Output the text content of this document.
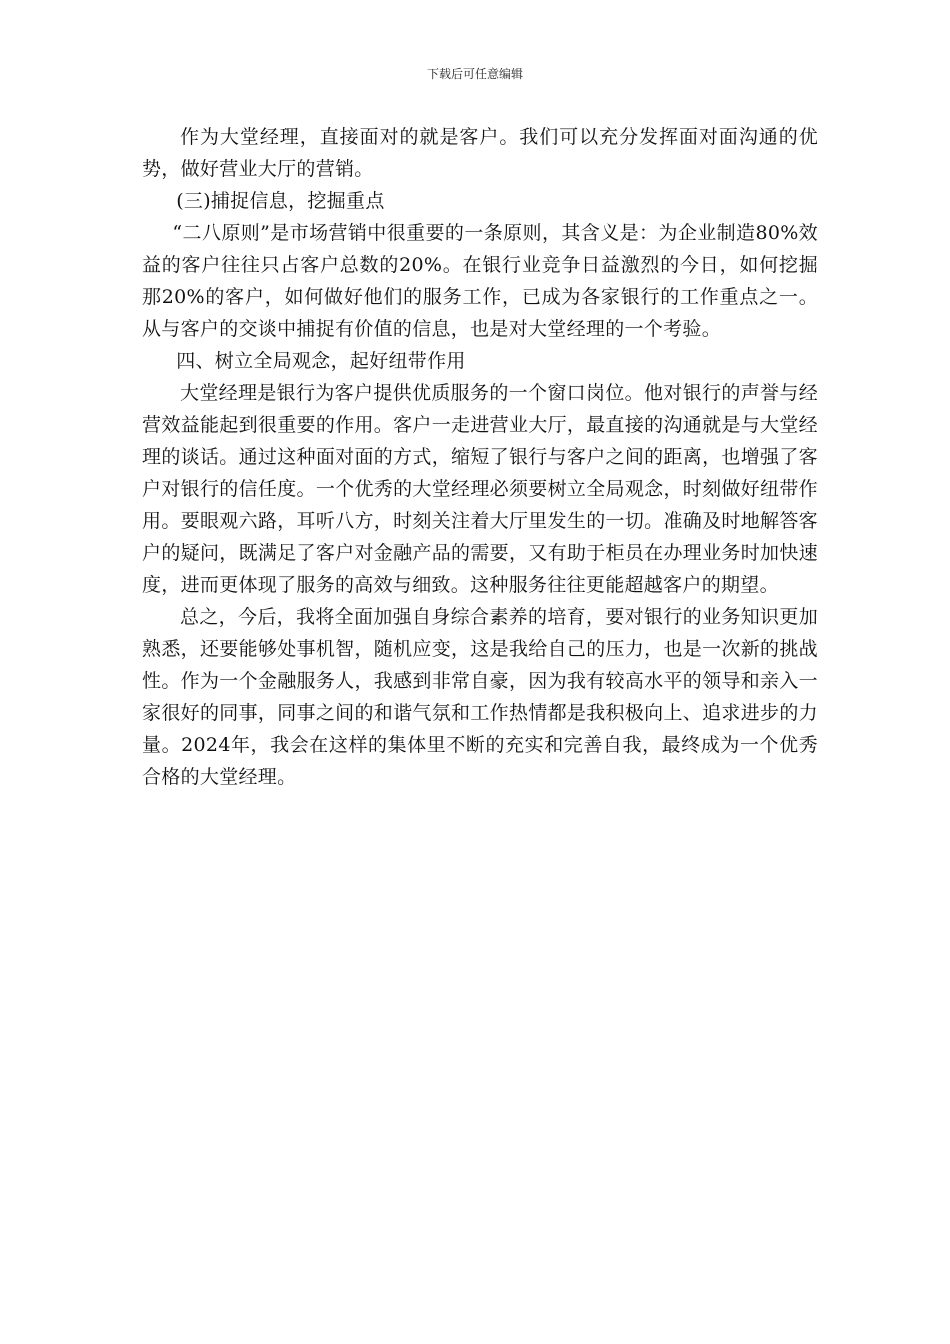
下载后可任意编辑

作为大堂经理，直接面对的就是客户。我们可以充分发挥面对面沟通的优势，做好营业大厅的营销。

(三)捕捉信息，挖掘重点

“二八原则”是市场营销中很重要的一条原则，其含义是：为企业制造80%效益的客户往往只占客户总数的20%。在银行业竞争日益激烈的今日，如何挖掘那20%的客户，如何做好他们的服务工作，已成为各家银行的工作重点之一。从与客户的交谈中捕捉有价值的信息，也是对大堂经理的一个考验。

四、树立全局观念，起好纽带作用

大堂经理是银行为客户提供优质服务的一个窗口岗位。他对银行的声誉与经营效益能起到很重要的作用。客户一走进营业大厅，最直接的沟通就是与大堂经理的谈话。通过这种面对面的方式，缩短了银行与客户之间的距离，也增强了客户对银行的信任度。一个优秀的大堂经理必须要树立全局观念，时刻做好纽带作用。要眼观六路，耳听八方，时刻关注着大厅里发生的一切。准确及时地解答客户的疑问，既满足了客户对金融产品的需要，又有助于柜员在办理业务时加快速度，进而更体现了服务的高效与细致。这种服务往往更能超越客户的期望。

总之，今后，我将全面加强自身综合素养的培育，要对银行的业务知识更加熟悉，还要能够处事机智，随机应变，这是我给自己的压力，也是一次新的挑战性。作为一个金融服务人，我感到非常自豪，因为我有较高水平的领导和亲入一家很好的同事，同事之间的和谐气氛和工作热情都是我积极向上、追求进步的力量。2024年，我会在这样的集体里不断的充实和完善自我，最终成为一个优秀合格的大堂经理。
